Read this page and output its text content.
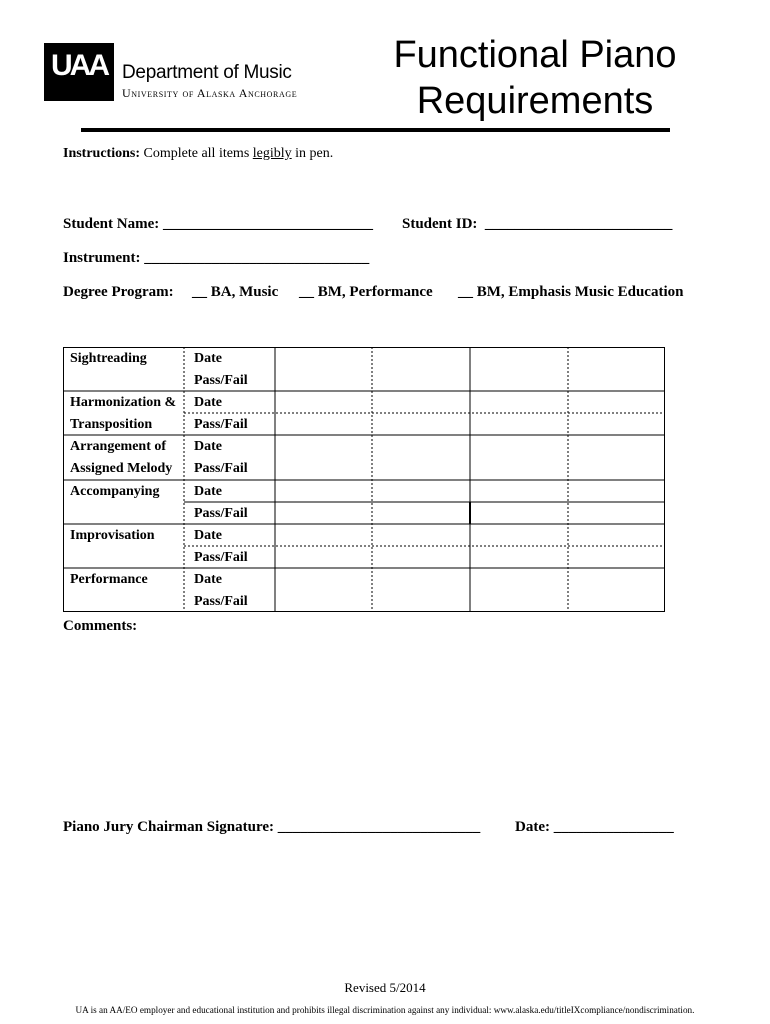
UAA Department of Music
University of Alaska Anchorage
Functional Piano
Requirements
Instructions: Complete all items legibly in pen.
Student Name: ____________________________ Student ID:  _________________________
Instrument: ______________________________
Degree Program: __ BA, Music __ BM, Performance __ BM, Emphasis Music Education
Sightreading
Harmonization &
Transposition
Arrangement of
Assigned Melody
Accompanying
Improvisation
Performance
Date
Pass/Fail
Date
Pass/Fail
Date
Pass/Fail
Date
Pass/Fail
Date
Pass/Fail
Date
Pass/Fail
Comments:
Piano Jury Chairman Signature: ___________________________ Date: ________________
Revised 5/2014
UA is an AA/EO employer and educational institution and prohibits illegal discrimination against any individual: www.alaska.edu/titleIXcompliance/nondiscrimination.
